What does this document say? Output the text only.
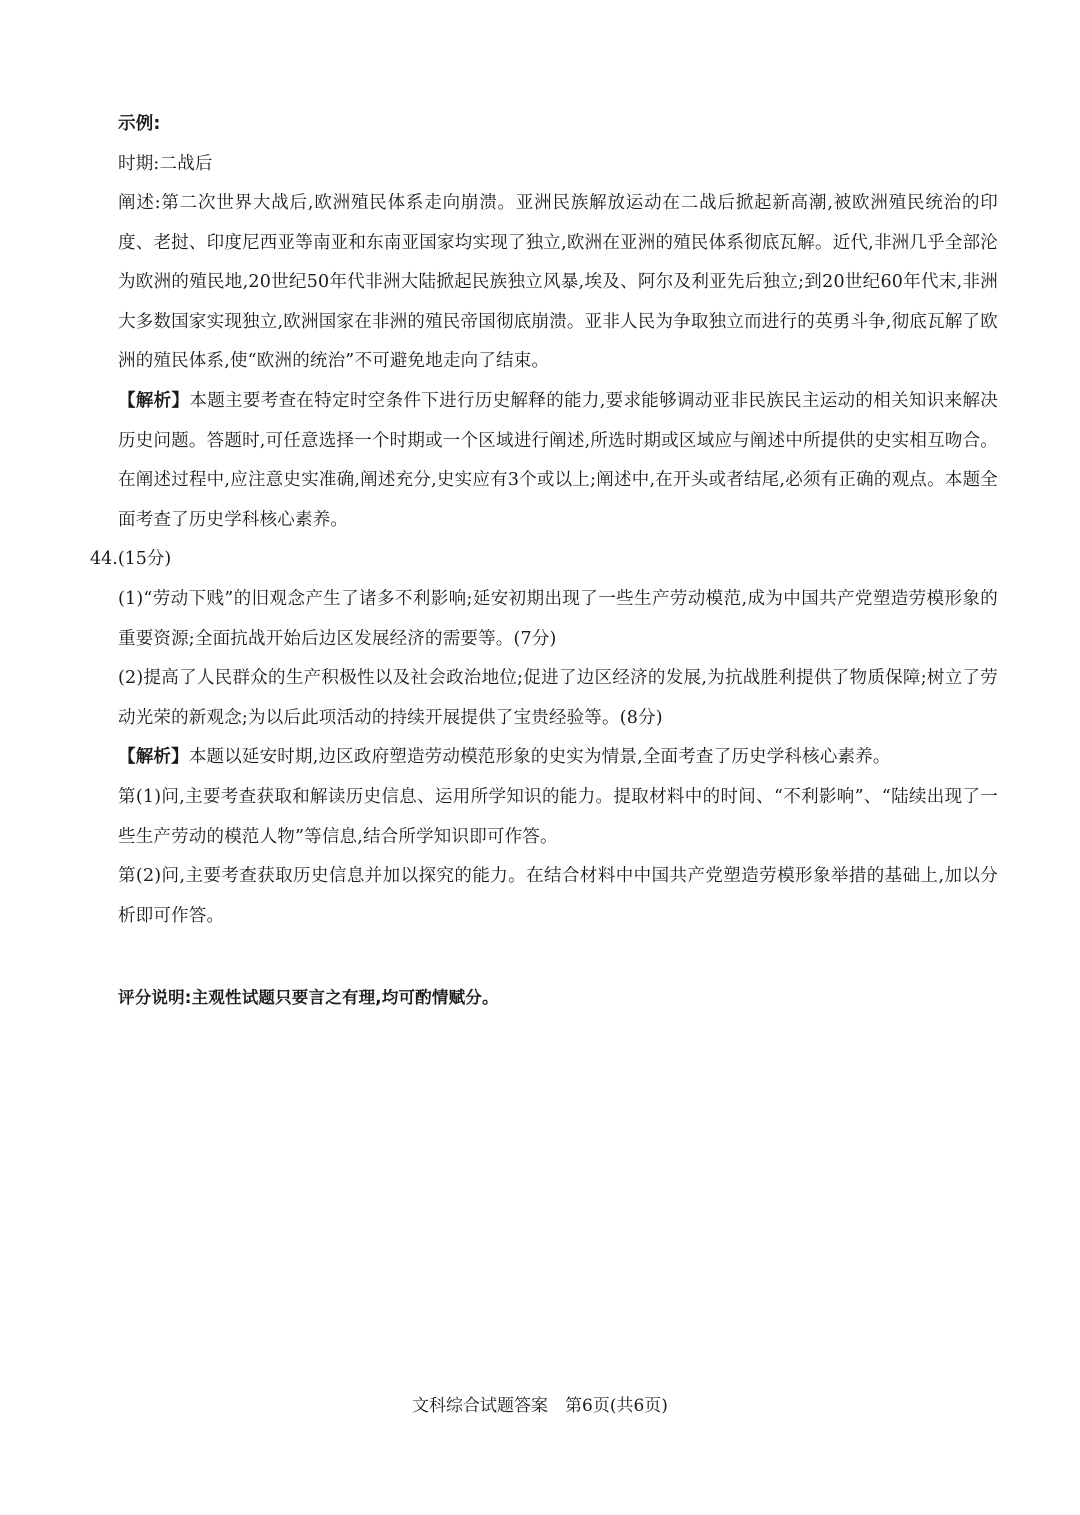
示例:
时期:二战后
阐述:第二次世界大战后,欧洲殖民体系走向崩溃。亚洲民族解放运动在二战后掀起新高潮,被欧洲殖民统治的印度、老挝、印度尼西亚等南亚和东南亚国家均实现了独立,欧洲在亚洲的殖民体系彻底瓦解。近代,非洲几乎全部沦为欧洲的殖民地,20世纪50年代非洲大陆掀起民族独立风暴,埃及、阿尔及利亚先后独立;到20世纪60年代末,非洲大多数国家实现独立,欧洲国家在非洲的殖民帝国彻底崩溃。亚非人民为争取独立而进行的英勇斗争,彻底瓦解了欧洲的殖民体系,使“欧洲的统治”不可避免地走向了结束。
【解析】本题主要考查在特定时空条件下进行历史解释的能力,要求能够调动亚非民族民主运动的相关知识来解决历史问题。答题时,可任意选择一个时期或一个区域进行阐述,所选时期或区域应与阐述中所提供的史实相互吻合。在阐述过程中,应注意史实准确,阐述充分,史实应有3个或以上;阐述中,在开头或者结尾,必须有正确的观点。本题全面考查了历史学科核心素养。
44.(15分)
(1)“劳动下贱”的旧观念产生了诸多不利影响;延安初期出现了一些生产劳动模范,成为中国共产党塑造劳模形象的重要资源;全面抗战开始后边区发展经济的需要等。(7分)
(2)提高了人民群众的生产积极性以及社会政治地位;促进了边区经济的发展,为抗战胜利提供了物质保障;树立了劳动光荣的新观念;为以后此项活动的持续开展提供了宝贵经验等。(8分)
【解析】本题以延安时期,边区政府塑造劳动模范形象的史实为情景,全面考查了历史学科核心素养。
第(1)问,主要考查获取和解读历史信息、运用所学知识的能力。提取材料中的时间、“不利影响”、“陆续出现了一些生产劳动的模范人物”等信息,结合所学知识即可作答。
第(2)问,主要考查获取历史信息并加以探究的能力。在结合材料中中国共产党塑造劳模形象举措的基础上,加以分析即可作答。
评分说明:主观性试题只要言之有理,均可酌情赋分。
文科综合试题答案　第6页(共6页)
